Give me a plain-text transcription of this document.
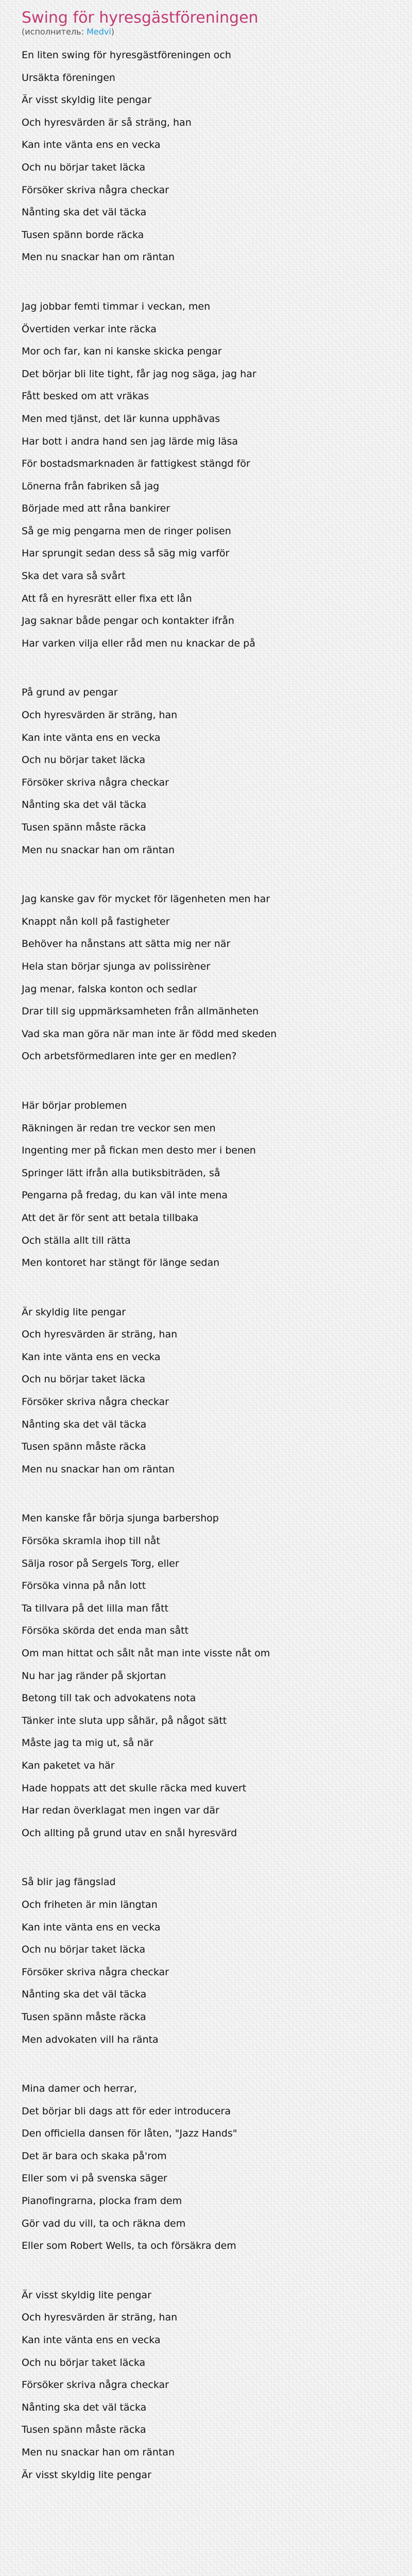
Swing för hyresgästföreningen
(исполнитель: Medvi)
En liten swing för hyresgästföreningen och
Ursäkta föreningen
Är visst skyldig lite pengar
Och hyresvärden är så sträng, han
Kan inte vänta ens en vecka
Och nu börjar taket läcka
Försöker skriva några checkar
Nånting ska det väl täcka
Tusen spänn borde räcka
Men nu snackar han om räntan
Jag jobbar femti timmar i veckan, men
Övertiden verkar inte räcka
Mor och far, kan ni kanske skicka pengar
Det börjar bli lite tight, får jag nog säga, jag har
Fått besked om att vräkas
Men med tjänst, det lär kunna upphävas
Har bott i andra hand sen jag lärde mig läsa
För bostadsmarknaden är fattigkest stängd för
Lönerna från fabriken så jag
Började med att råna bankirer
Så ge mig pengarna men de ringer polisen
Har sprungit sedan dess så säg mig varför
Ska det vara så svårt
Att få en hyresrätt eller fixa ett lån
Jag saknar både pengar och kontakter ifrån
Har varken vilja eller råd men nu knackar de på
På grund av pengar
Och hyresvärden är sträng, han
Kan inte vänta ens en vecka
Och nu börjar taket läcka
Försöker skriva några checkar
Nånting ska det väl täcka
Tusen spänn måste räcka
Men nu snackar han om räntan
Jag kanske gav för mycket för lägenheten men har
Knappt nån koll på fastigheter
Behöver ha nånstans att sätta mig ner när
Hela stan börjar sjunga av polissirèner
Jag menar, falska konton och sedlar
Drar till sig uppmärksamheten från allmänheten
Vad ska man göra när man inte är född med skeden
Och arbetsförmedlaren inte ger en medlen?
Här börjar problemen
Räkningen är redan tre veckor sen men
Ingenting mer på fickan men desto mer i benen
Springer lätt ifrån alla butiksbiträden, så
Pengarna på fredag, du kan väl inte mena
Att det är för sent att betala tillbaka
Och ställa allt till rätta
Men kontoret har stängt för länge sedan
Är skyldig lite pengar
Och hyresvärden är sträng, han
Kan inte vänta ens en vecka
Och nu börjar taket läcka
Försöker skriva några checkar
Nånting ska det väl täcka
Tusen spänn måste räcka
Men nu snackar han om räntan
Men kanske får börja sjunga barbershop
Försöka skramla ihop till nåt
Sälja rosor på Sergels Torg, eller
Försöka vinna på nån lott
Ta tillvara på det lilla man fått
Försöka skörda det enda man sått
Om man hittat och sålt nåt man inte visste nåt om
Nu har jag ränder på skjortan
Betong till tak och advokatens nota
Tänker inte sluta upp såhär, på något sätt
Måste jag ta mig ut, så när
Kan paketet va här
Hade hoppats att det skulle räcka med kuvert
Har redan överklagat men ingen var där
Och allting på grund utav en snål hyresvärd
Så blir jag fängslad
Och friheten är min längtan
Kan inte vänta ens en vecka
Och nu börjar taket läcka
Försöker skriva några checkar
Nånting ska det väl täcka
Tusen spänn måste räcka
Men advokaten vill ha ränta
Mina damer och herrar,
Det börjar bli dags att för eder introducera
Den officiella dansen för låten, "Jazz Hands"
Det är bara och skaka på'rom
Eller som vi på svenska säger
Pianofingrarna, plocka fram dem
Gör vad du vill, ta och räkna dem
Eller som Robert Wells, ta och försäkra dem
Är visst skyldig lite pengar
Och hyresvärden är sträng, han
Kan inte vänta ens en vecka
Och nu börjar taket läcka
Försöker skriva några checkar
Nånting ska det väl täcka
Tusen spänn måste räcka
Men nu snackar han om räntan
Är visst skyldig lite pengar
